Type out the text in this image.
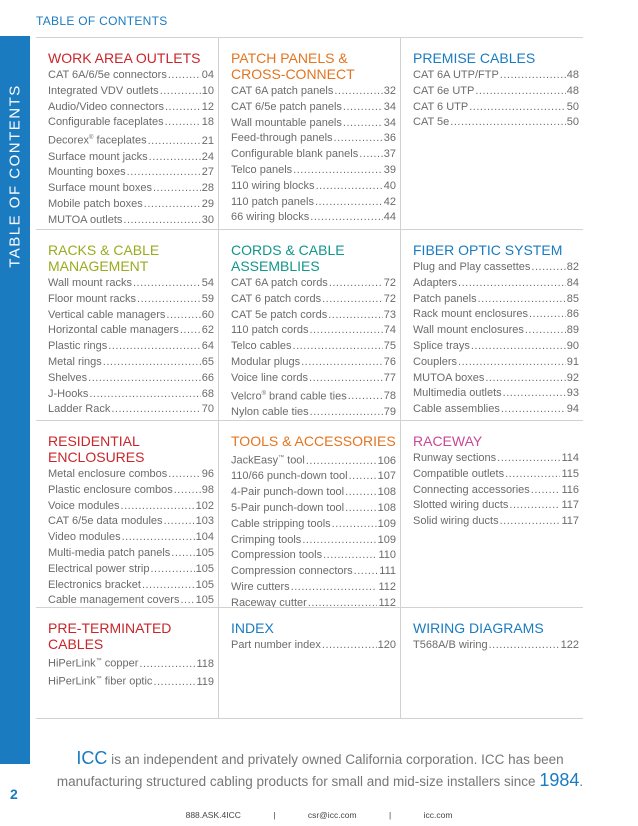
TABLE OF CONTENTS
TABLE OF CONTENTS
WORK AREA OUTLETS
CAT 6A/6/5e connectors .....	04
Integrated VDV outlets .....	10
Audio/Video connectors .....	12
Configurable faceplates .....	18
Decorex® faceplates .....	21
Surface mount jacks .....	24
Mounting boxes .....	27
Surface mount boxes .....	28
Mobile patch boxes .....	29
MUTOA outlets .....	30
PATCH PANELS &
CROSS-CONNECT
CAT 6A patch panels .....	32
CAT 6/5e patch panels .....	34
Wall mountable panels .....	34
Feed-through panels .....	36
Configurable blank panels ..... 37
Telco panels .....	39
110 wiring blocks .....	40
110 patch panels .....	42
66 wiring blocks .....	44
PREMISE CABLES
CAT 6A UTP/FTP .....	48
CAT 6e UTP .....	48
CAT 6 UTP .....	50
CAT 5e .....	50
RACKS & CABLE
MANAGEMENT
Wall mount racks .....	54
Floor mount racks .....	59
Vertical cable managers .....	60
Horizontal cable managers ..... 62
Plastic rings .....	64
Metal rings .....	65
Shelves .....	66
J-Hooks .....	68
Ladder Rack .....	70
CORDS & CABLE
ASSEMBLIES
CAT 6A patch cords .....	72
CAT 6 patch cords .....	72
CAT 5e patch cords .....	73
110 patch cords .....	74
Telco cables .....	75
Modular plugs .....	76
Voice line cords .....	77
Velcro® brand cable ties .....	78
Nylon cable ties .....	79
FIBER OPTIC SYSTEM
Plug and Play cassettes .....	82
Adapters .....	84
Patch panels .....	85
Rack mount enclosures .....	86
Wall mount enclosures .....	89
Splice trays .....	90
Couplers .....	91
MUTOA boxes .....	92
Multimedia outlets .....	93
Cable assemblies .....	94
RESIDENTIAL ENCLOSURES
Metal enclosure combos .....	96
Plastic enclosure combos .....	98
Voice modules .....	102
CAT 6/5e data modules .....	103
Video modules .....	104
Multi-media patch panels ..... 105
Electrical power strip .....	105
Electronics bracket .....	105
Cable management covers ..... 105
TOOLS & ACCESSORIES
JackEasy™ tool .....	106
110/66 punch-down tool .....	107
4-Pair punch-down tool .....	108
5-Pair punch-down tool .....	108
Cable stripping tools .....	109
Crimping tools .....	109
Compression tools .....	110
Compression connectors ..... 111
Wire cutters .....	112
Raceway cutter .....	112
RACEWAY
Runway sections .....	114
Compatible outlets .....	115
Connecting accessories .....	116
Slotted wiring ducts .....	117
Solid wiring ducts .....	117
PRE-TERMINATED CABLES
HiPerLink™ copper .....	118
HiPerLink™ fiber optic .....	119
INDEX
Part number index .....	120
WIRING DIAGRAMS
T568A/B wiring .....	122
ICC is an independent and privately owned California corporation. ICC has been manufacturing structured cabling products for small and mid-size installers since 1984.
2
888.ASK.4ICC	|	csr@icc.com	|	icc.com
